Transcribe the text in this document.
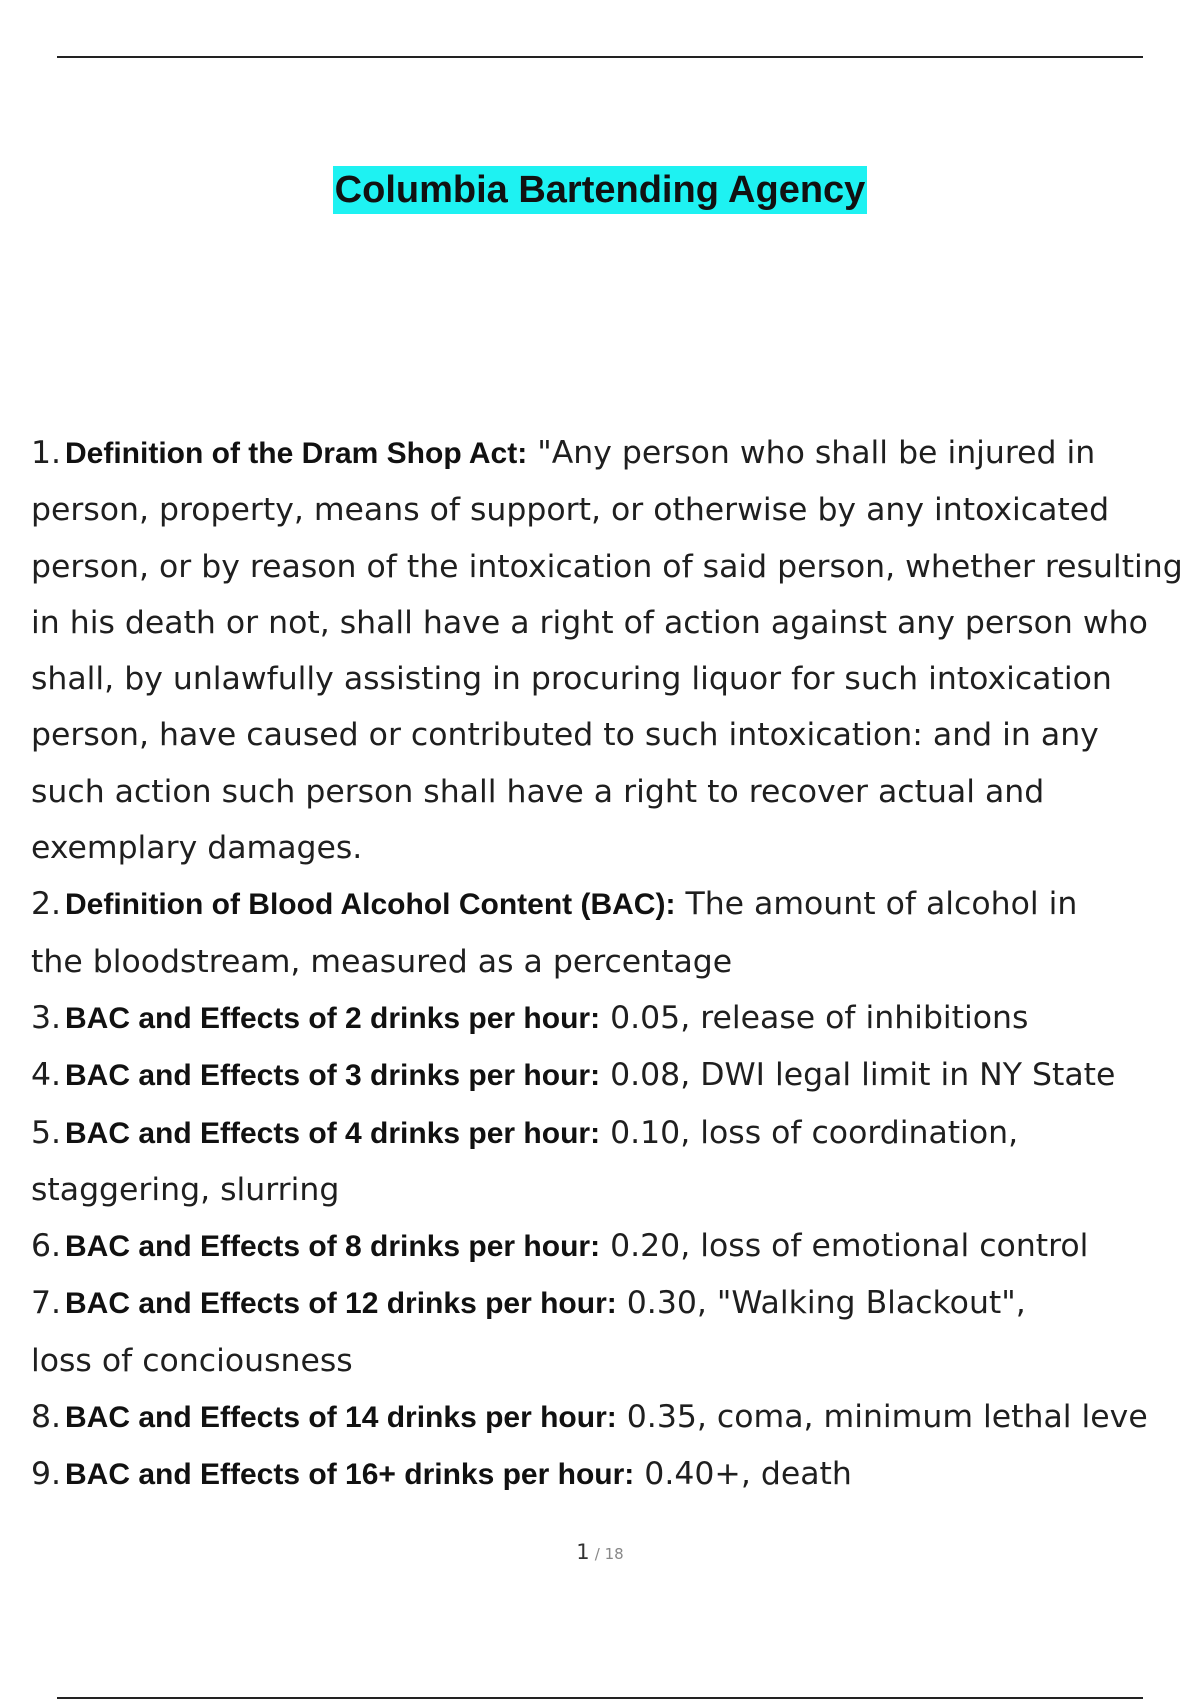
Columbia Bartending Agency
1. Definition of the Dram Shop Act: "Any person who shall be injured in
person, property, means of support, or otherwise by any intoxicated
person, or by reason of the intoxication of said person, whether resulting
in his death or not, shall have a right of action against any person who
shall, by unlawfully assisting in procuring liquor for such intoxication
person, have caused or contributed to such intoxication: and in any
such action such person shall have a right to recover actual and
exemplary damages.
2. Definition of Blood Alcohol Content (BAC): The amount of alcohol in
the bloodstream, measured as a percentage
3. BAC and Effects of 2 drinks per hour: 0.05, release of inhibitions
4. BAC and Effects of 3 drinks per hour: 0.08, DWI legal limit in NY State
5. BAC and Effects of 4 drinks per hour: 0.10, loss of coordination,
staggering, slurring
6. BAC and Effects of 8 drinks per hour: 0.20, loss of emotional control
7. BAC and Effects of 12 drinks per hour: 0.30, "Walking Blackout",
loss of conciousness
8. BAC and Effects of 14 drinks per hour: 0.35, coma, minimum lethal leve
9. BAC and Effects of 16+ drinks per hour: 0.40+, death
1 / 18
